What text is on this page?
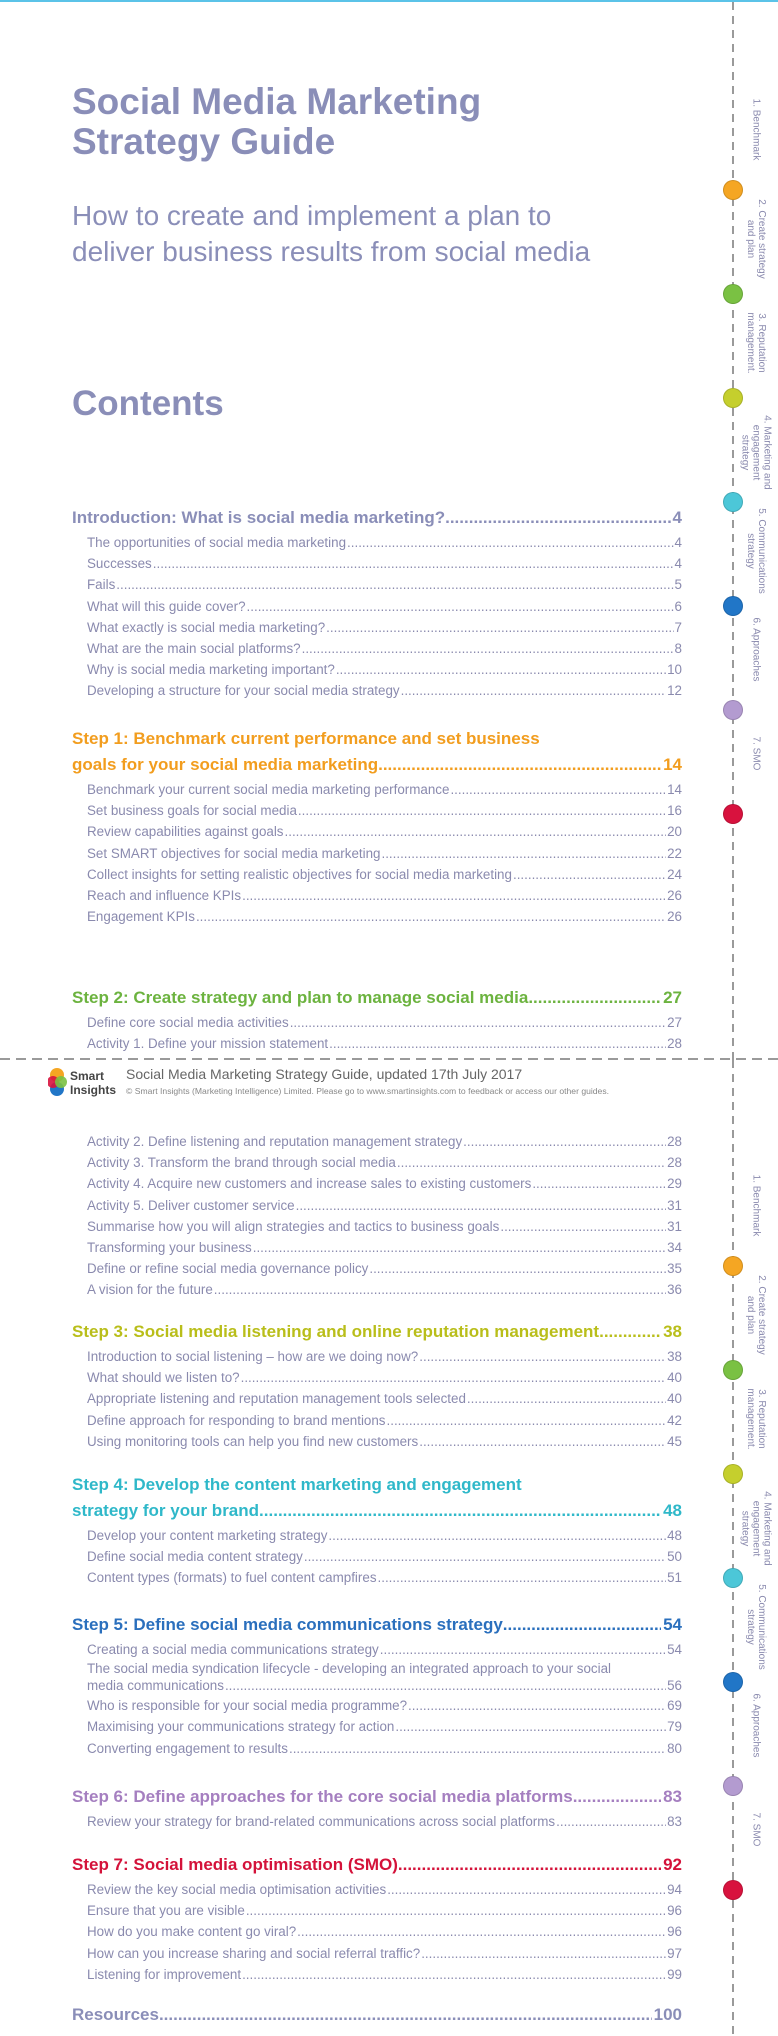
Social Media Marketing
Strategy Guide
How to create and implement a plan to
deliver business results from social media
Contents
Introduction: What is social media marketing? .....	4
The opportunities of social media marketing .....	4
Successes .....	4
Fails .....	5
What will this guide cover? .....	6
What exactly is social media marketing? .....	7
What are the main social platforms? .....	8
Why is social media marketing important? .....	10
Developing a structure for your social media strategy .....	12
Step 1: Benchmark current performance and set business
goals for your social media marketing .....	14
Benchmark your current social media marketing performance .....	14
Set business goals for social media .....	16
Review capabilities against goals .....	20
Set SMART objectives for social media marketing .....	22
Collect insights for setting realistic objectives for social media marketing .....	24
Reach and influence KPIs .....	26
Engagement KPIs .....	26
Step 2: Create strategy and plan to manage social media .....	27
Define core social media activities .....	27
Activity 1. Define your mission statement .....	28
Smart
Insights
Social Media Marketing Strategy Guide, updated 17th July 2017
© Smart Insights (Marketing Intelligence) Limited. Please go to www.smartinsights.com to feedback or access our other guides.
Activity 2. Define listening and reputation management strategy .....	28
Activity 3. Transform the brand through social media .....	28
Activity 4. Acquire new customers and increase sales to existing customers .....	29
Activity 5. Deliver customer service .....	31
Summarise how you will align strategies and tactics to business goals .....	31
Transforming your business .....	34
Define or refine social media governance policy .....	35
A vision for the future .....	36
Step 3: Social media listening and online reputation management .....	38
Introduction to social listening – how are we doing now? .....	38
What should we listen to? .....	40
Appropriate listening and reputation management tools selected .....	40
Define approach for responding to brand mentions .....	42
Using monitoring tools can help you find new customers .....	45
Step 4: Develop the content marketing and engagement
strategy for your brand .....	48
Develop your content marketing strategy .....	48
Define social media content strategy .....	50
Content types (formats) to fuel content campfires .....	51
Step 5: Define social media communications strategy .....	54
Creating a social media communications strategy .....	54
The social media syndication lifecycle - developing an integrated approach to your social
media communications .....	56
Who is responsible for your social media programme? .....	69
Maximising your communications strategy for action .....	79
Converting engagement to results .....	80
Step 6: Define approaches for the core social media platforms .....	83
Review your strategy for brand-related communications across social platforms .....	83
Step 7: Social media optimisation (SMO) .....	92
Review the key social media optimisation activities .....	94
Ensure that you are visible .....	96
How do you make content go viral? .....	96
How can you increase sharing and social referral traffic? .....	97
Listening for improvement .....	99
Resources .....	100
1. Benchmark
2. Create strategy and plan
3. Reputation management.
4. Marketing and engagement strategy
5. Communications strategy
6. Approaches
7. SMO
1. Benchmark
2. Create strategy and plan
3. Reputation management.
4. Marketing and engagement strategy
5. Communications strategy
6. Approaches
7. SMO
